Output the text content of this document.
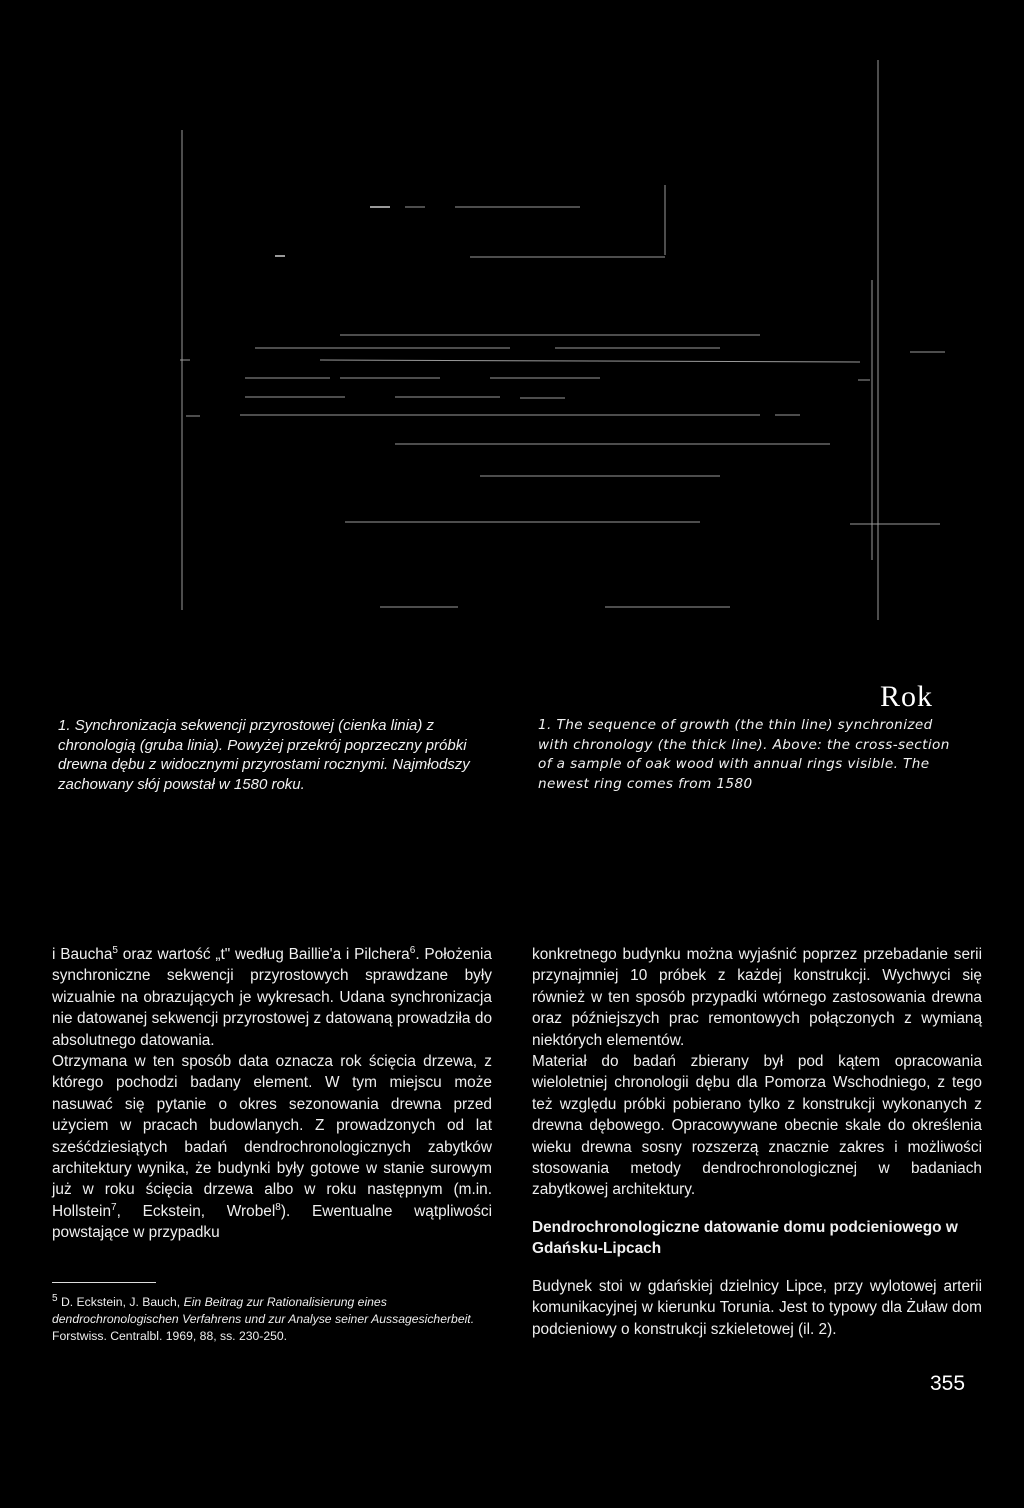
Rok
1. Synchronizacja sekwencji przyrostowej (cienka linia) z chronologią (gruba linia). Powyżej przekrój poprzeczny próbki drewna dębu z widocznymi przyrostami rocznymi. Najmłodszy zachowany słój powstał w 1580 roku.
1. The sequence of growth (the thin line) synchronized with chronology (the thick line). Above: the cross-section of a sample of oak wood with annual rings visible. The newest ring comes from 1580

i Baucha$^5$ oraz wartość „t" według Baillie'a i Pilchera$^6$. Położenia synchroniczne sekwencji przyrostowych sprawdzane były wizualnie na obrazujących je wykresach. Udana synchronizacja nie datowanej sekwencji przyrostowej z datowaną prowadziła do absolutnego datowania.

Otrzymana w ten sposób data oznacza rok ścięcia drzewa, z którego pochodzi badany element. W tym miejscu może nasuwać się pytanie o okres sezonowania drewna przed użyciem w pracach budowlanych. Z prowadzonych od lat sześćdziesiątych badań dendrochronologicznych zabytków architektury wynika, że budynki były gotowe w stanie surowym już w roku ścięcia drzewa albo w roku następnym (m.in. Hollstein$^7$, Eckstein, Wrobel$^8$). Ewentualne wątpliwości powstające w przypadku

$^5$ D. Eckstein, J. Bauch, Ein Beitrag zur Rationalisierung eines dendrochronologischen Verfahrens und zur Analyse seiner Aussagesicherbeit. Forstwiss. Centralbl. 1969, 88, ss. 230-250.

konkretnego budynku można wyjaśnić poprzez przebadanie serii przynajmniej 10 próbek z każdej konstrukcji. Wychwyci się również w ten sposób przypadki wtórnego zastosowania drewna oraz późniejszych prac remontowych połączonych z wymianą niektórych elementów.

Materiał do badań zbierany był pod kątem opracowania wieloletniej chronologii dębu dla Pomorza Wschodniego, z tego też względu próbki pobierano tylko z konstrukcji wykonanych z drewna dębowego. Opracowywane obecnie skale do określenia wieku drewna sosny rozszerzą znacznie zakres i możliwości stosowania metody dendrochronologicznej w badaniach zabytkowej architektury.

Dendrochronologiczne datowanie domu podcieniowego w Gdańsku-Lipcach

Budynek stoi w gdańskiej dzielnicy Lipce, przy wylotowej arterii komunikacyjnej w kierunku Torunia. Jest to typowy dla Żuław dom podcieniowy o konstrukcji szkieletowej (il. 2).

355
